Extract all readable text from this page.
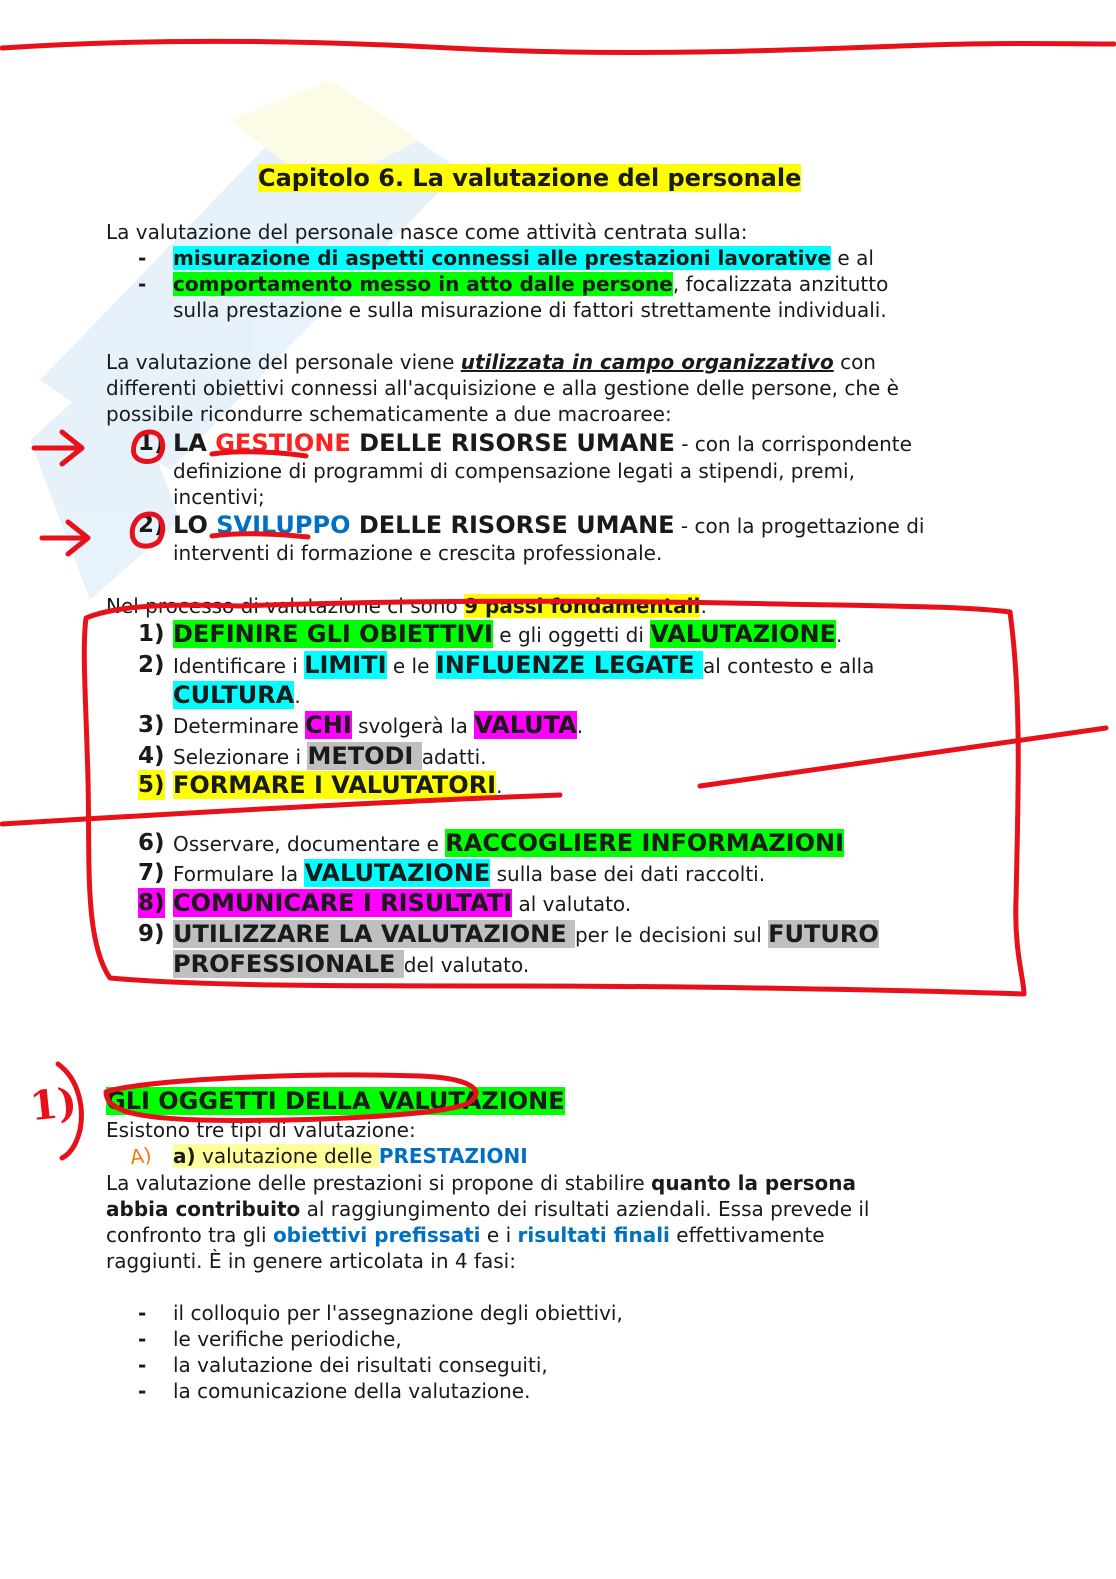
Capitolo 6. La valutazione del personale
La valutazione del personale nasce come attività centrata sulla:
- misurazione di aspetti connessi alle prestazioni lavorative e al
- comportamento messo in atto dalle persone, focalizzata anzitutto
sulla prestazione e sulla misurazione di fattori strettamente individuali.
La valutazione del personale viene utilizzata in campo organizzativo con
differenti obiettivi connessi all'acquisizione e alla gestione delle persone, che è
possibile ricondurre schematicamente a due macroaree:
1) LA GESTIONE DELLE RISORSE UMANE - con la corrispondente
definizione di programmi di compensazione legati a stipendi, premi,
incentivi;
2) LO SVILUPPO DELLE RISORSE UMANE - con la progettazione di
interventi di formazione e crescita professionale.
Nel processo di valutazione ci sono 9 passi fondamentali:
1) DEFINIRE GLI OBIETTIVI e gli oggetti di VALUTAZIONE.
2) Identificare i LIMITI e le INFLUENZE LEGATE al contesto e alla
CULTURA.
3) Determinare CHI svolgerà la VALUTA.
4) Selezionare i METODI adatti.
5) FORMARE I VALUTATORI.
6) Osservare, documentare e RACCOGLIERE INFORMAZIONI
7) Formulare la VALUTAZIONE sulla base dei dati raccolti.
8) COMUNICARE I RISULTATI al valutato.
9) UTILIZZARE LA VALUTAZIONE per le decisioni sul FUTURO
PROFESSIONALE del valutato.
GLI OGGETTI DELLA VALUTAZIONE
Esistono tre tipi di valutazione:
a) valutazione delle PRESTAZIONI
La valutazione delle prestazioni si propone di stabilire quanto la persona
abbia contribuito al raggiungimento dei risultati aziendali. Essa prevede il
confronto tra gli obiettivi prefissati e i risultati finali effettivamente
raggiunti. È in genere articolata in 4 fasi:
- il colloquio per l'assegnazione degli obiettivi,
- le verifiche periodiche,
- la valutazione dei risultati conseguiti,
- la comunicazione della valutazione.
1)
A)
